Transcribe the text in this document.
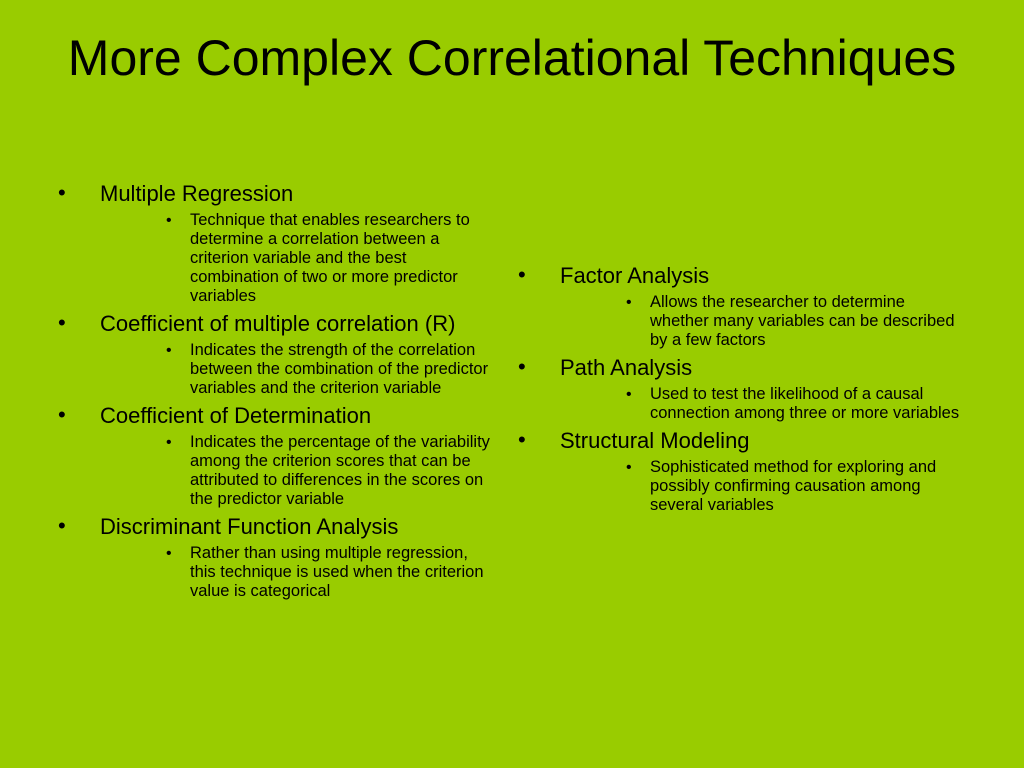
More Complex Correlational Techniques
•	Multiple Regression
• Technique that enables researchers to determine a correlation between a criterion variable and the best combination of two or more predictor variables
•	Coefficient of multiple correlation (R)
• Indicates the strength of the correlation between the combination of the predictor variables and the criterion variable
•	Coefficient of Determination
• Indicates the percentage of the variability among the criterion scores that can be attributed to differences in the scores on the predictor variable
•	Discriminant Function Analysis
• Rather than using multiple regression, this technique is used when the criterion value is categorical
•	Factor Analysis
• Allows the researcher to determine whether many variables can be described by a few factors
•	Path Analysis
• Used to test the likelihood of a causal connection among three or more variables
•	Structural Modeling
• Sophisticated method for exploring and possibly confirming causation among several variables
